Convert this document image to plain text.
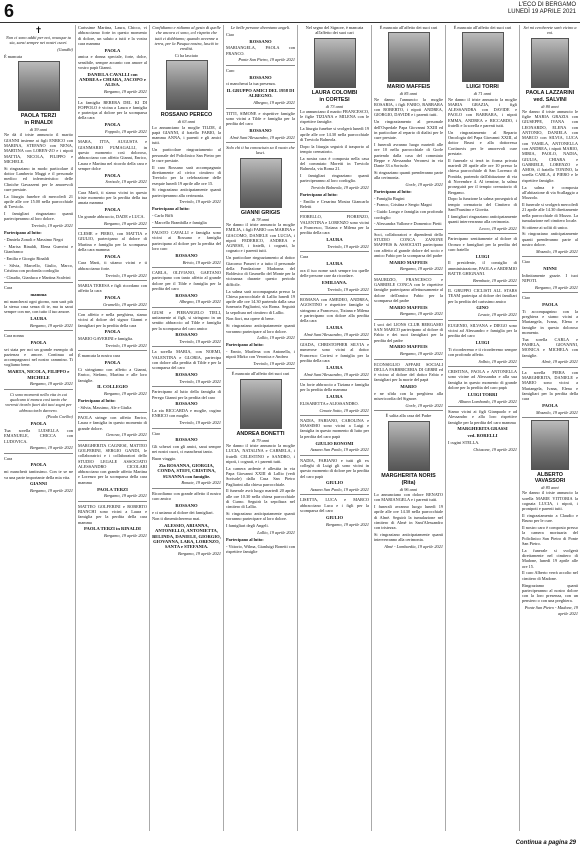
6	L'ECO DI BERGAMO
LUNEDÌ 19 APRILE 2021
✝

Non ci sono addii per noi, ovunque tu sia, sarai sempre nei nostri cuori.

(Gandhi)

È mancata

PAOLA TERZI
in RINALDI
di 59 anni

Ne dà il triste annuncio il marito GIANNI insieme ai figli ENRICO con MARINA, STEFANO con NENA, MARTINA con LOREN-ZO e i nipoti MATTIA, NICOLA, FILIPPO e MICHELE.

Si ringraziano in modo particolare il dottor Lamberto Maggi e il personale medico ed infermieristico delle Cliniche Gavazzeni per le amorevoli cure prestate.

La liturgia funebre di mercoledì 21 aprile alle ore 15.00 nella parrocchiale di Treviolo.

I famigliari ringraziano quanti parteciperanno al loro dolore.

Treviolo, 19 aprile 2021

Partecipano al lutto:

- Daniela Zonoli e Massimo Negri

- Marisa Rinaldi, Elena Guerrini e Gianfranco

- Emilia e Giorgio Rinaldi

- Silvia, Marcello, Giulio, Marco, Cristina con profonda cordoglio

- Claudio, Gianluca e Martina Scalvini

Cara

mamma

mi mancherai ogni giorno, non sarà più la stessa casa senza di te, ma tu sarai sempre con me, con tutto il tuo amore.

LAURA

Bergamo, 19 aprile 2021

Cara nonna

PAOLA

sei stata per noi un grande esempio di pazienza e amore. Continua ad accompagnarci nel nostro cammino. Ti vogliamo bene.

MARTA, NICOLA, FILIPPO e MICHELE

Bergamo, 19 aprile 2021

Ci sono momenti nella vita in cui qualcuno ti manca così tanto che vorresti tirarlo fuori dai tuoi sogni per abbracciarlo davvero.

(Paulo Coelho)

PAOLA

Tua sorella LUISELLA con EMANUELE, CHICCA con LUDOVICA.

Bergamo, 19 aprile 2021

Cara

PAOLA

mi mancherà tantissimo. Con te se ne va una parte importante della mia vita.

GIANNI

Bergamo, 19 aprile 2021

Carissime Martina, Laura, Chicco, vi abbracciamo forte in questo momento di dolore, un saluto a tutti e la vostra cara mamma

PAOLA

amica e donna speciale, forte, dolce, sensibile, sempre accanto con amore al vostro papà Gianni.

DANIELA CAVALLI con ANDREA e CHIARA, JACOPO e ALISA.

Bergamo, 19 aprile 2021

La famiglia BERERA DEL KI DI FOPPOLO è vicina a Laura e famiglia e partecipa al dolore per la scomparsa della cara

PAOLA

Foppolo, 19 aprile 2021

MARA, ITTA, AUGUSTA e GIANMARIO FUMAGALLI, in questo momento così doloroso, abbracciano con affetto Gianni, Enrico, Laura e Martina nel ricordo della cara e sempre dolce

PAOLA

Sorisole, 19 aprile 2021

Cara Martì, ti siamo vicini in questo triste momento per la perdita della tua amata mamma

PAOLA

Un grande abbraccio, DADE e LUCA.

Bergamo, 19 aprile 2021

CLEME e PIERO, con MATTIA e GIULIO, partecipano al dolore di Martina e famiglia per la scomparsa della cara mamma

PAOLA

Cara Marti, ti stiamo vicini e ti abbracciamo forte.

Treviolo, 19 aprile 2021

MARIA TERESA e figli ricordano con affetto la cara

PAOLA

Grumello, 19 aprile 2021

Con affetto e nella preghiera, siamo vicini al dolore del signor Gianni e famigliari per la perdita della cara

PAOLA

MARIO GAVERINI e famiglia.

Treviolo, 19 aprile 2021

È mancata la nostra cara

PAOLA

Ci stringiamo con affetto a Gianni, Enrico, Stefano, Martina e alle loro famiglie.

IL COLLEGIO

Bergamo, 19 aprile 2021

Partecipano al lutto:

- Silvia, Massimo, Ale e Giulia

PAOLA stringe con affetto Enrico, Laura e famiglia in questo momento di grande dolore.

Genova, 19 aprile 2021

MARGHERITA CAGNESI, MATTEO GOLFERINI, SERGIO GANDI, le collaboratrici e i collaboratori dello STUDIO LEGALE ASSOCIATO ALESSANDRO CICOLARI abbracciano con grande affetto Martina e Lorenzo per la scomparsa della cara mamma

PAOLA TERZI

Bergamo, 19 aprile 2021

MATTEO GOLFERINI e ROBERTO BIANCHI sono vicini a Laura e famiglia per la perdita della cara mamma

PAOLA TERZI in RINALDI

Bergamo, 19 aprile 2021

Confidiamo e ridiamo al gesto di quelle che ancora ci sono, col rispetto che tutti ci dobbiamo; quando avvenne a terra, per la Pasqua nostra, lasciò in eredità.

Ci ha lasciato

ROSSANO PERECO
di 63 anni

Lo annunciano la moglie TILDE, il papà GIANNI, il fratello FABIO, la mamma ANNA, i parenti e gli amici tutti.

Un particolare ringraziamento al personale del Policlinico San Pietro per le cure prestate.

Il caro Rossano sarà accompagnato direttamente al civico cimitero di Treviolo per la celebrazione delle esequie lunedì 19 aprile alle ore 15.

Si ringraziano anticipatamente quanti parteciperanno alla cerimonia.

Treviolo, 19 aprile 2021

Partecipano al lutto:

- Carlo Biffi

- Marcello Brambilla e famiglia

FAUSTO CAVALLI e famiglia sono vicini ai Rossano e famiglia partecipano al dolore per la perdita del loro caro

ROSSANO

Brivio, 19 aprile 2021

CARLA, OLIVIANO, GAETANO partecipano con tanto affetto al grande dolore per il Tilde e famiglia per la perdita del caro

ROSSANO

Albegno, 19 aprile 2021

GIUSI e PIERANGELO TIELI, unitamente ai figli, si stringono in un sentito abbraccio ad Tilde e famiglia per la scomparsa del caro amico

ROSSANO

Treviolo, 19 aprile 2021

La sorella MARIA, con NOEMI, VALENTINA e GLORIA, partecipa con dolore alla perdita di Tilde e per la scomparsa del caro

ROSSANO

Treviolo, 19 aprile 2021

Partecipano al lutto della famiglia di Perego Gianni per la perdita del caro

ROSSANO

La zia RICCARDA e moglie, cugino ENRICO con moglie.

Treviolo, 19 aprile 2021

Ciao

ROSSANO

Gli scherzi con gli amici, sarai sempre nei nostri cuori, ci mancherai tanto.

Buon viaggio.

Zia ROSANNA, GIORGIA, CONDA, STEFI, CRISTINA, SUSANNA con famiglie.

Bonate, 19 aprile 2021

Ricordiamo con grande affetto il nostro caro amico

ROSSANO

e ci uniamo al dolore dei famigliari.

Non ti dimenticheremo mai.

ALESSIO, ARIANNA, ANTONELLO, ANTONIETTA, BELINDA, DANIELE, GIORGIO, GIOVANNA, LARA, LORENZO, SANTA e STEFANIA.

Bergamo, 19 aprile 2021

Le belle persone diventano angeli.

Ciao

ROSSANO

MARIANGELA, PAOLA con FRANCO.

Ponte San Pietro, 19 aprile 2021

Caro

ROSSANO

ci mancherai la tua presenza.

IL GRUPPO AMICI DEL 1958 DI ALBEGNO.

Albegno, 19 aprile 2021

TITTI, SIMONE e rispettive famiglie sono vicini a Tilde e famiglia per la perdita del caro

ROSSANO

Almè Sant'Alessandro, 19 aprile 2021

Solo chi ti ha conosciuto sa il vuoto che lasci.

GIANNI GRIGIS
di 78 anni

Ne danno il triste annuncio la moglie EMILIA, i figli FABIO con MARINA e GIACOMO, DANIELE con LUCIA, i nipoti FEDERICO, ANDREA e AGNESE, i fratelli, i cognati, lo cognato e i parenti tutti.

Un particolare ringraziamento al dottor Giacomo Passeri e a tutto il personale della Fondazione Madonna del Boldesico di Grumello del Monte per la vicinanza durante questo periodo difficile.

La salma sarà accompagnata presso la Chiesa parrocchiale di Lallio lunedì 19 aprile alle ore 14.30 partendo dalla casa funeraria Pagliarini, via Roma. Seguirà la sepoltura nel cimitero di Lallio.

Non fiori, ma opere di bene.

Si ringraziano anticipatamente quanti vorranno partecipare al loro dolore.

Lallio, 19 aprile 2021

Partecipano al lutto:

- Ennio, Marilena con Antonella, i nipoti Mirko con Veronica e Andrea

Treviolo, 19 aprile 2021

È mancato all'affetto dei suoi cari

ANDREA BONETTI
di 79 anni

Ne danno il triste annuncio la moglie LUCIA, NATALINA e CARMELA, i fratelli CELESTINO e SANDRO, i nipoti, i cognati, e i parenti tutti.

La camera ardente è allestita in via Papa Giovanni XXIII di Lallio (vedi Sorisole) dalla Casa San Pietro Pagliarini alla chiesa parrocchiale.

Il funerale avrà luogo martedì 20 aprile alle ore 10.30 nella chiesa parrocchiale di Curno. Seguirà la sepoltura nel cimitero di Lallio.

Si ringraziano anticipatamente quanti vorranno partecipare al loro dolore.

I famigliari degli Angeli.

Lallio, 19 aprile 2021

Partecipano al lutto:

- Vittorio, Wilma, Gianluigi Bonetti con rispettive famiglie

Nel segno del Signore, è mancata all'affetto dei suoi cari

LAURA COLOMBI
in CORTESI
di 73 anni

Lo annunciano il marito FRANCESCO, le figlie TIZIANA e MILENA con le rispettive famiglie.

La liturgia funebre si svolgerà lunedì 19 aprile alle ore 14.30 nella parrocchiale di Treviolo Balneola.

Dopo la liturgia seguirà il trasporto al tempio crematorio.

La nostra cara è composta nella casa del commiato Moretti in Treviolo Balneola, via Roma 21.

I famigliari ringraziano quanti parteciperanno al loro cordoglio.

Treviolo Balneola, 19 aprile 2021

Partecipano al lutto:

- Emilio e Cesarina Mostra Giancarlo Beletti

FIORELLO, FIORENZO, VALENTINA e LORENZO sono vicini a Francesco, Tiziana e Milena per la perdita della cara

LAURA

Treviolo, 19 aprile 2021

Cara

LAURA

ora il tuo nome sarà sempre tra quelle delle persone care da ricordare.

EMILIANA.

Treviolo, 19 aprile 2021

ROMANA con AMEDEO, ANDREA, AGOSTINO e rispettive famiglie si stringono a Francesco, Tiziana e Milena e partecipano con dolore alla perdita della cara

LAURA

Almè Sant'Alessandro, 19 aprile 2021

GIADA, CHRISTOPHER SILVIA e numerose sono vicini al dottor Francesco Cortesi e famiglia per la perdita della cara

LAURA

Almè Sant'Alessandro, 19 aprile 2021

Un forte abbraccio a Tiziana e famiglia per la perdita della mamma

LAURA

ELISABETTA e ALESSANDRO.

Cenate Sotto, 19 aprile 2021

NADIA, FABIANO, CAROLINA e MASSIMO sono vicini a Luigi e famiglia in questo momento di lutto per la perdita del caro papà

GIULIO BONOMI

Azzano San Paolo, 19 aprile 2021

NADIA, FABIANO e tutti gli ex colleghi di Luigi gli sono vicini in questo momento di dolore per la perdita del caro papà

GIULIO

Azzano San Paolo, 19 aprile 2021

LISETTA, LUCA e MARCO abbracciano Luca e i figli per la scomparsa del caro

GIULIO

Bergamo, 19 aprile 2021

È mancato all'affetto dei suoi cari

MARIO MAFFEIS
di 85 anni

Ne danno l'annuncio la moglie ROSARIA, i figli FABIO, BARBARA con ROBERTO, i nipoti ANDREA, GIORGIO, DAVIDE e i parenti tutti.

Un ringraziamento al personale dell'Ospedale Papa Giovanni XXIII ed in particolare al reparto di dialisi per le cure prestate.

I funerali avranno luogo martedì alle ore 10 nella parrocchiale di Gorle partendo dalla casa del commiato Beppe e Alessandra Veronesi in via Dante 33 a Sorisole.

Si ringraziano quanti prenderanno parte alla cerimonia.

Gorle, 19 aprile 2021

Partecipano al lutto:

- Famiglia Bugini

- Franco, Cristina e Sergio Magni

- Guido Longo e famiglia con profondo cordoglio

- Alessandra Vallone e Domenico Pietti

Soci, collaboratori e dipendenti dello STUDIO CONCA ZANONE MAFFEIS & ASSOCIATI partecipano con affetto al grande dolore del socio e amico Fabio per la scomparsa del padre

MARIO MAFFEIS

Bergamo, 19 aprile 2021

MAURIZIO, FRANCESCO e GABRIELE CONCA con le rispettive famiglie partecipano affettuosamente al dolore dell'amico Fabio per la scomparsa del padre

MARIO MAFFEIS

Bergamo, 19 aprile 2021

I soci del LIONS CLUB BERGAMO SAN MARCO partecipano al dolore di Fabio e dei suoi famigliari per la perdita del padre

MARIO MAFFEIS

Bergamo, 19 aprile 2021

ECONSIGLIO AFFARI SOCIALI DELLA FABBRICERIA DI GERBI ed è vicino al dolore del dottor Fabio e famigliari per la morte del papà

MARIO

e ne sfida con la preghiera alla misericordia del Signore.

Gorle, 19 aprile 2021

È salita alla casa del Padre

MARGHERITA NORIS
(Rita)
di 96 anni

Lo annunciano con dolore RENATO con MARIANGELA e i parenti tutti.

I funerali avranno luogo lunedì 19 aprile alle ore 14.30 nella parrocchiale di Almè. Seguirà la tumulazione nel cimitero di Almè in Sant'Alessandro con tristezza.

Si ringraziano anticipatamente quanti interverranno alla cerimonia.

Almè - Lombardia, 19 aprile 2021

È mancato all'affetto dei suoi cari

LUIGI TORRI
di 71 anni

Ne danno il triste annuncio la moglie MARIA GRAZIA, i figli ALESSANDRA con DAVIDE e PAOLO con BARBARA, i nipoti EMMA, ANDREA e RICCARDO, i fratelli e la sorella e parenti tutti.

Un ringraziamento al Reparto Oncologia del Papa Giovanni XXIII, al dottor Bruni e alla dottoressa Cortinovis per le amorevoli cure prestate.

Il funerale si terrà in forma privata martedì 20 aprile alle ore 10 presso la chiesa parrocchiale di San Lorenzo di Pontida, partendo dall'abitazione di via di Novembre 4. Al termine, la salma proseguirà per il tempio crematorio di Bergamo.

Dopo la funzione la salma proseguirà al tempio crematorio del Cimitero di Sant'Faustino e Giovita.

I famigliari ringraziano anticipatamente quanti interverranno alla cerimonia.

Lecco, 19 aprile 2021

Partecipano sentitamente al dolore di Oronzo e famigliari per la perdita del caro fratello

LUIGI

Il presidente, il consiglio di amministrazione, PAOLA e ARDEMIO BATTE GHIGNANI.

Brembate, 19 aprile 2021

IL GRUPPO CICLISTI ALL STARS TEAM partecipa al dolore dei familiari per la perdita del carissimo amico

GINO

Levate, 19 aprile 2021

EUGENIO, SILVANA e DIEGO sono vicini ad Alessandro e famiglia per la perdita del caro

LUIGI

Ti ricorderemo e ti ricorderemo sempre con profondo affetto.

Solbio, 19 aprile 2021

CRISTINA, PAOLA e ANTONELLA sono vicine ad Alessandra e alla sua famiglia in questo momento di grande dolore per la perdita del caro papà

LUIGI TORRI

Albano Lombardo, 19 aprile 2021

Siamo vicini ai figli Gianpaolo e ad Alessandro e alla loro rispettive famiglie per la perdita del caro mamma

MARGHERITA GRASSI

ved. BORELLI

I cugini STELLA.

Chiusone, 19 aprile 2021

Sei mi cercherete sarò vicino a voi.

PAOLA LAZZARINI
ved. SALVINI
di 80 anni

Ne danno il triste annuncio le figlie MARIA GRAZIA con GIUSEPPE, IVANA con LEONARDO, ELENA con ANTONIO, DANIELA con MARCO con SILVIA, LUCA con YAMILA, ANTONELLA con ANDREA, i nipoti MARIO, MIRIA, PAOLO, NADIA, GIULIA, CHIARA e GABRIELE, LORENZO e AMOS, il fratello TONINO, la sorella CARLA, il PIERO e le rispettive famiglie.

La salma è composta all'abitazione di via Scallaggio a Mozzolo.

Il funerale si svolgerà mercoledì 21 aprile alle 14.30 direttamente nella parrocchiale di Mozzo. La tumulazione nel cimitero locale.

Si ottiene ai soliti di unico.

Si ringraziano anticipatamente quanti prenderanno parte al nostro dolore.

Mozzolo, 19 aprile 2021

Ciao

NINNI

Infinitamente grazie. I tuoi NIPOTI.

Bergamo, 19 aprile 2021

Ciao

PAOLA

Ti accompagnino con la preghiera e siamo vicini a Mariangela, Ivana, Elena e famiglie in questo doloroso momento.

Tua sorella CARLA e PAMELA, GIOVANNI, MONICA e MICHELA con famiglie.

Almè, 19 aprile 2021

La sorella PIERA con MARGHERITA, DANIELE e MARIO sono vicini a Mariangela, Ivana, Elena e famigliari per la perdita della cara

PAOLA

Mozzolo, 19 aprile 2021

ALBERTO VAVASSORI
di 85 anni

Ne danno il triste annuncio la sorella MARIE VITTORIA la cognata LUCIA, i nipoti, i pronipoti e parenti tutti.

Il ringraziamento a Claudio e Bruno per le cure.

Il nostro caro è composto presso la camera mortuaria del Policlinico San Pietro di Ponte San Pietro.

La funerale si svolgerà direttamente nel cimitero di Madone, lunedì 19 aprile alle ore 15.

Il caro Alberto verrà accolto nel cimitero di Madone.

Ringraziamo quanti parteciperanno al nostro dolore con la loro presenza, con un pensiero o con una preghiera.

Ponte San Pietro - Madone, 19 aprile 2021

Continua a pagina 29
